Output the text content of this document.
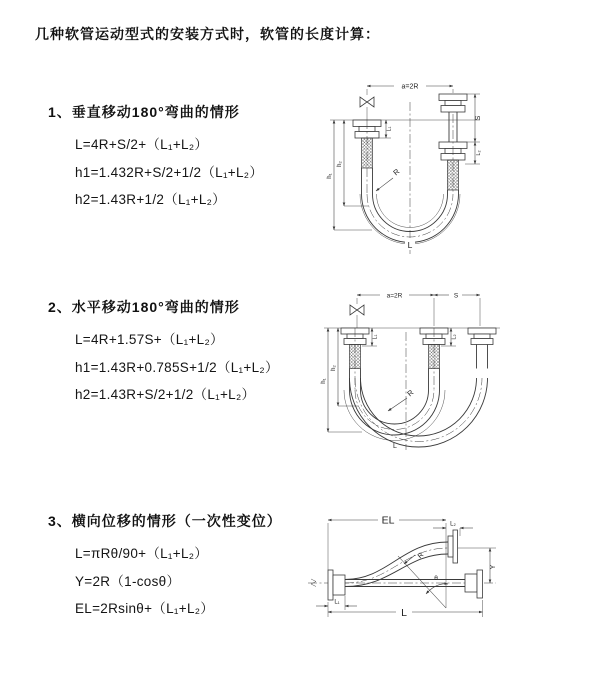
几种软管运动型式的安装方式时，软管的长度计算：
1、垂直移动180°弯曲的情形
L=4R+S/2+（L₁+L₂）
h1=1.432R+S/2+1/2（L₁+L₂）
h2=1.43R+1/2（L₁+L₂）
2、水平移动180°弯曲的情形
L=4R+1.57S+（L₁+L₂）
h1=1.43R+0.785S+1/2（L₁+L₂）
h2=1.43R+S/2+1/2（L₁+L₂）
3、横向位移的情形（一次性变位）
L=πRθ/90+（L₁+L₂）
Y=2R（1-cosθ）
EL=2Rsinθ+（L₁+L₂）
a=2R
h₁
h₂
L₁
S
L₂
L
R
a=2R	S
h₁
h₂
L₁	L₂
L
R
EL	L₂
Y
R
θ
L₁
L
